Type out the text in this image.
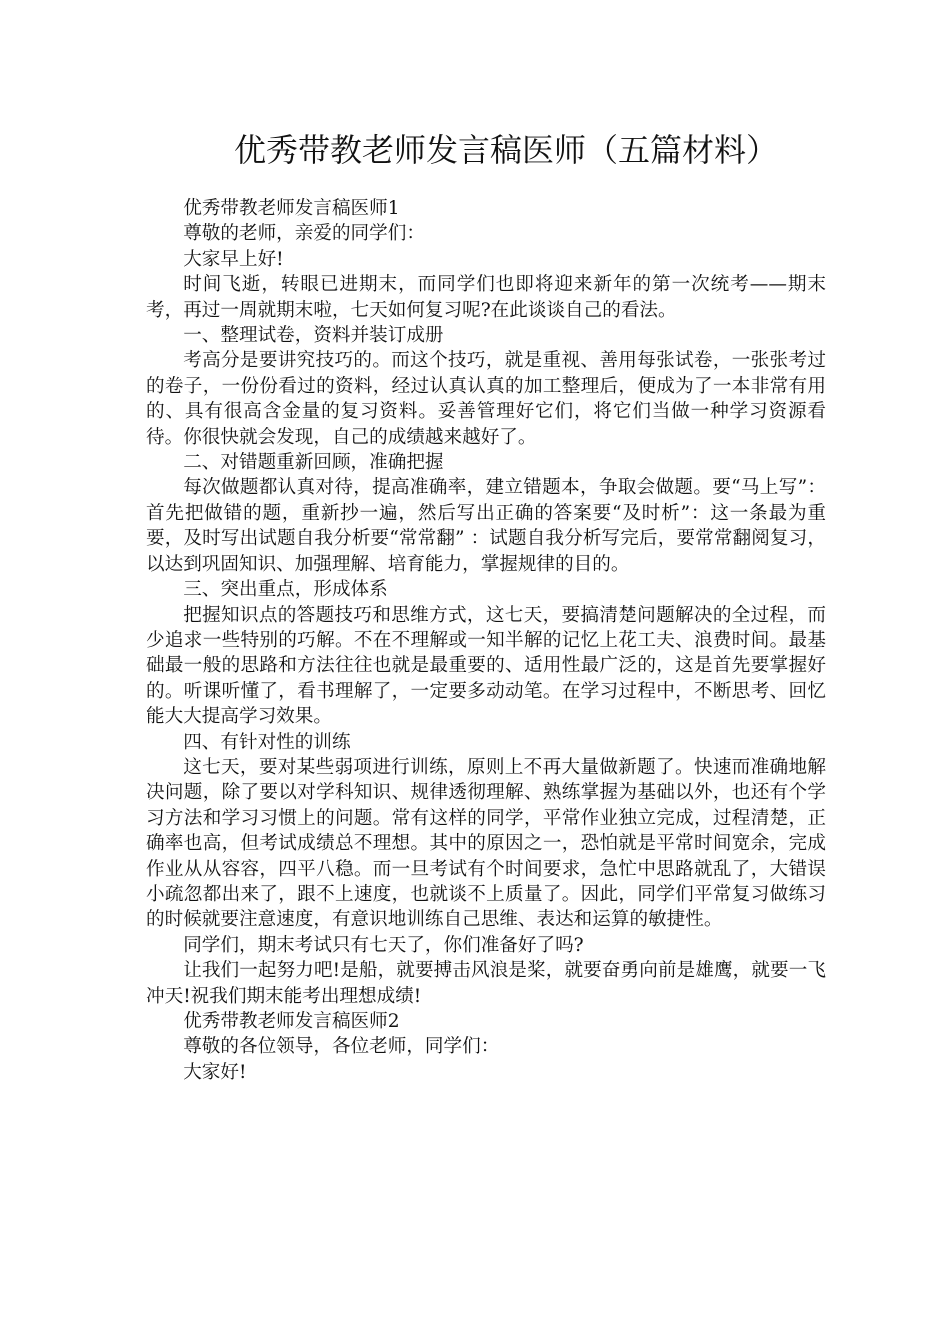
优秀带教老师发言稿医师（五篇材料）

优秀带教老师发言稿医师1

尊敬的老师，亲爱的同学们：

大家早上好!

时间飞逝，转眼已进期末，而同学们也即将迎来新年的第一次统考——期末考，再过一周就期末啦，七天如何复习呢?在此谈谈自己的看法。

一、整理试卷，资料并装订成册

考高分是要讲究技巧的。而这个技巧，就是重视、善用每张试卷，一张张考过的卷子，一份份看过的资料，经过认真认真的加工整理后，便成为了一本非常有用的、具有很高含金量的复习资料。妥善管理好它们，将它们当做一种学习资源看待。你很快就会发现，自己的成绩越来越好了。

二、对错题重新回顾，准确把握

每次做题都认真对待，提高准确率，建立错题本，争取会做题。要“马上写”：首先把做错的题，重新抄一遍，然后写出正确的答案要“及时析”：这一条最为重要，及时写出试题自我分析要“常常翻” ：试题自我分析写完后，要常常翻阅复习，以达到巩固知识、加强理解、培育能力，掌握规律的目的。

三、突出重点，形成体系

把握知识点的答题技巧和思维方式，这七天，要搞清楚问题解决的全过程，而少追求一些特别的巧解。不在不理解或一知半解的记忆上花工夫、浪费时间。最基础最一般的思路和方法往往也就是最重要的、适用性最广泛的，这是首先要掌握好的。听课听懂了，看书理解了，一定要多动动笔。在学习过程中，不断思考、回忆能大大提高学习效果。

四、有针对性的训练

这七天，要对某些弱项进行训练，原则上不再大量做新题了。快速而准确地解决问题，除了要以对学科知识、规律透彻理解、熟练掌握为基础以外，也还有个学习方法和学习习惯上的问题。常有这样的同学，平常作业独立完成，过程清楚，正确率也高，但考试成绩总不理想。其中的原因之一，恐怕就是平常时间宽余，完成作业从从容容，四平八稳。而一旦考试有个时间要求，急忙中思路就乱了，大错误小疏忽都出来了，跟不上速度，也就谈不上质量了。因此，同学们平常复习做练习的时候就要注意速度，有意识地训练自己思维、表达和运算的敏捷性。

同学们，期末考试只有七天了，你们准备好了吗?

让我们一起努力吧!是船，就要搏击风浪是桨，就要奋勇向前是雄鹰，就要一飞冲天!祝我们期末能考出理想成绩!

优秀带教老师发言稿医师2

尊敬的各位领导，各位老师，同学们：

大家好!
